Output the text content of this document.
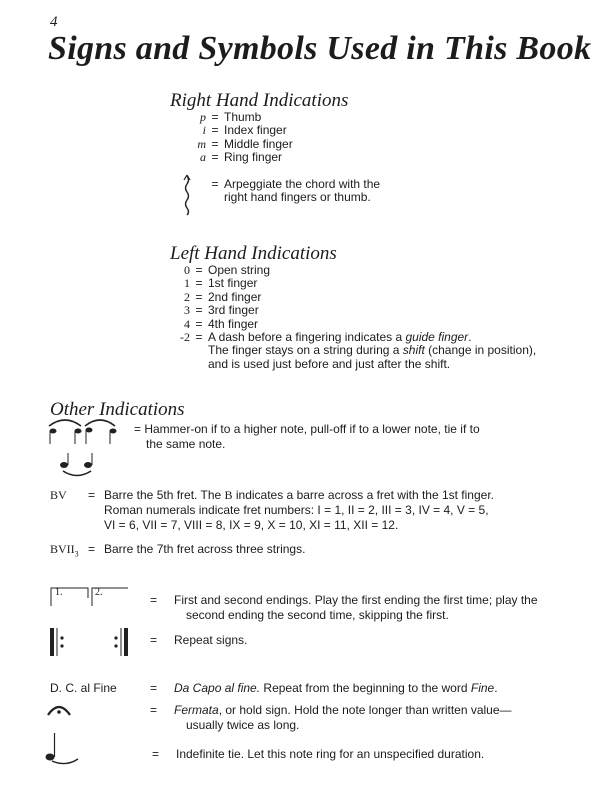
4
Signs and Symbols Used in This Book
Right Hand Indications
p = Thumb
i = Index finger
m = Middle finger
a = Ring finger
= Arpeggiate the chord with the
right hand fingers or thumb.
Left Hand Indications
0 = Open string
1 = 1st finger
2 = 2nd finger
3 = 3rd finger
4 = 4th finger
-2 = A dash before a fingering indicates a guide finger.
The finger stays on a string during a shift (change in position),
and is used just before and just after the shift.
Other Indications
= Hammer-on if to a higher note, pull-off if to a lower note, tie if to
the same note.
BV = Barre the 5th fret. The B indicates a barre across a fret with the 1st finger.
Roman numerals indicate fret numbers: I = 1, II = 2, III = 3, IV = 4, V = 5,
VI = 6, VII = 7, VIII = 8, IX = 9, X = 10, XI = 11, XII = 12.
$BVII_3$ = Barre the 7th fret across three strings.
1.	2.
= First and second endings. Play the first ending the first time; play the
second ending the second time, skipping the first.
= Repeat signs.
D. C. al Fine	= Da Capo al fine. Repeat from the beginning to the word Fine.
= Fermata, or hold sign. Hold the note longer than written value—
usually twice as long.
= Indefinite tie. Let this note ring for an unspecified duration.
